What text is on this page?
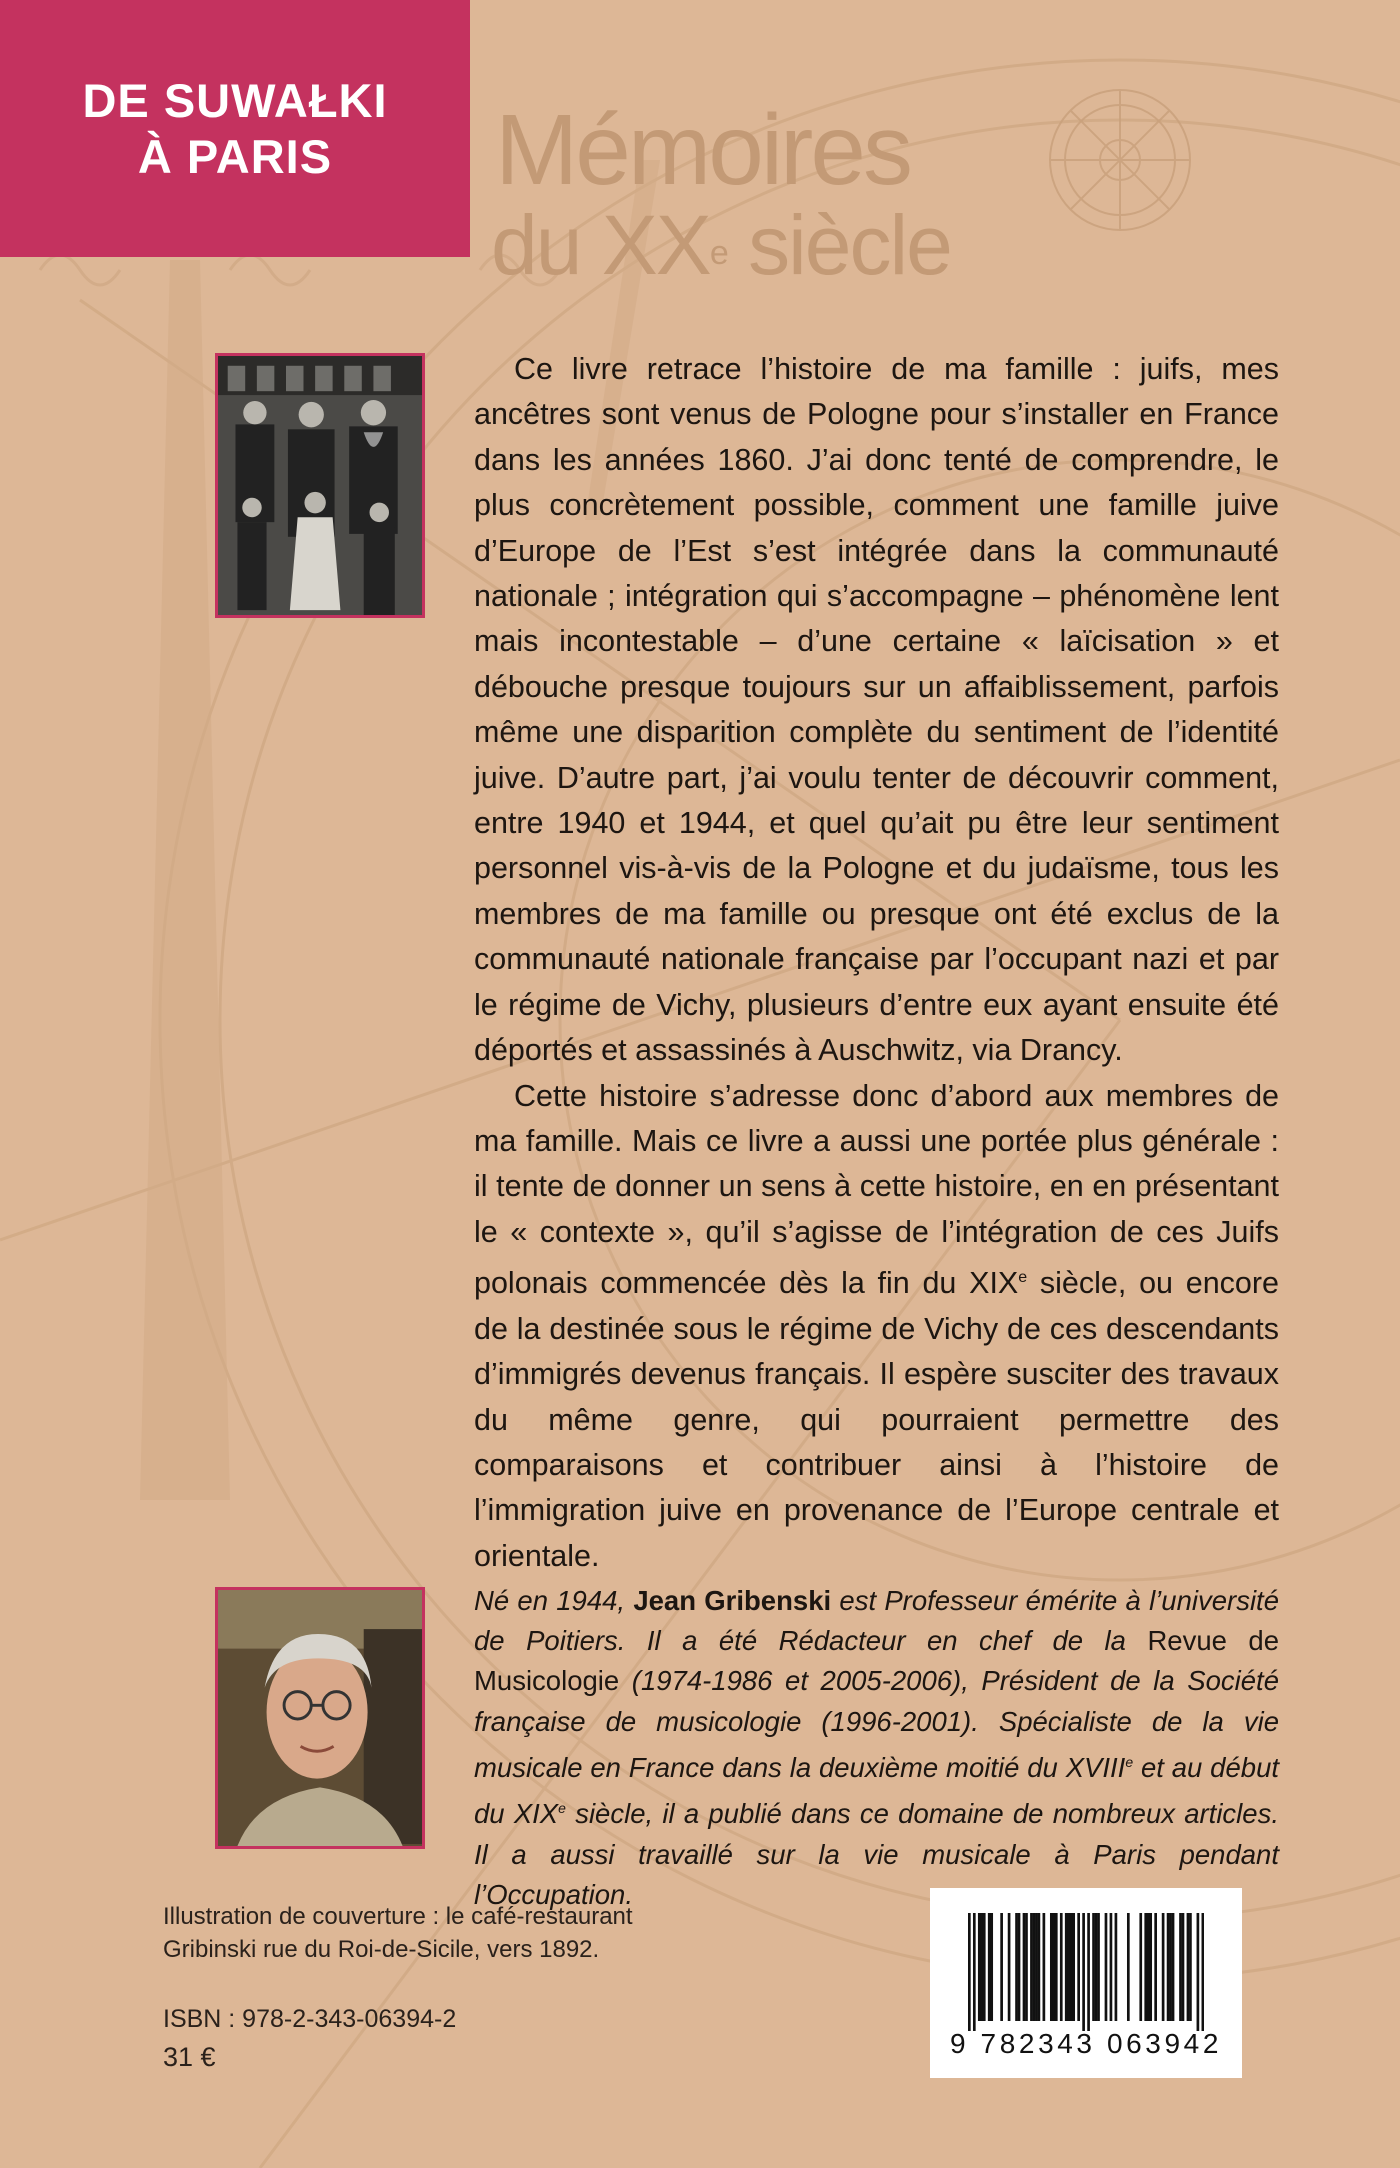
DE SUWAŁKI
À PARIS Mémoires
du XXe siècle

Ce livre retrace l’histoire de ma famille : juifs, mes ancêtres sont venus de Pologne pour s’installer en France dans les années 1860. J’ai donc tenté de comprendre, le plus concrètement possible, comment une famille juive d’Europe de l’Est s’est intégrée dans la communauté nationale ; intégration qui s’accompagne – phénomène lent mais incontestable – d’une certaine « laïcisation » et débouche presque toujours sur un affaiblissement, parfois même une disparition complète du sentiment de l’identité juive. D’autre part, j’ai voulu tenter de découvrir comment, entre 1940 et 1944, et quel qu’ait pu être leur sentiment personnel vis-à-vis de la Pologne et du judaïsme, tous les membres de ma famille ou presque ont été exclus de la communauté nationale française par l’occupant nazi et par le régime de Vichy, plusieurs d’entre eux ayant ensuite été déportés et assassinés à Auschwitz, via Drancy.

Cette histoire s’adresse donc d’abord aux membres de ma famille. Mais ce livre a aussi une portée plus générale : il tente de donner un sens à cette histoire, en en présentant le « contexte », qu’il s’agisse de l’intégration de ces Juifs polonais commencée dès la fin du XIXe siècle, ou encore de la destinée sous le régime de Vichy de ces descendants d’immigrés devenus français. Il espère susciter des travaux du même genre, qui pourraient permettre des comparaisons et contribuer ainsi à l’histoire de l’immigration juive en provenance de l’Europe centrale et orientale.

Né en 1944, Jean Gribenski est Professeur émérite à l’université de Poitiers. Il a été Rédacteur en chef de la Revue de Musicologie (1974-1986 et 2005-2006), Président de la Société française de musicologie (1996-2001). Spécialiste de la vie musicale en France dans la deuxième moitié du XVIIIe et au début du XIXe siècle, il a publié dans ce domaine de nombreux articles. Il a aussi travaillé sur la vie musicale à Paris pendant l’Occupation.
Illustration de couverture : le café-restaurant
Gribinski rue du Roi-de-Sicile, vers 1892.
ISBN : 978-2-343-06394-2
31 €	9 782343 063942
